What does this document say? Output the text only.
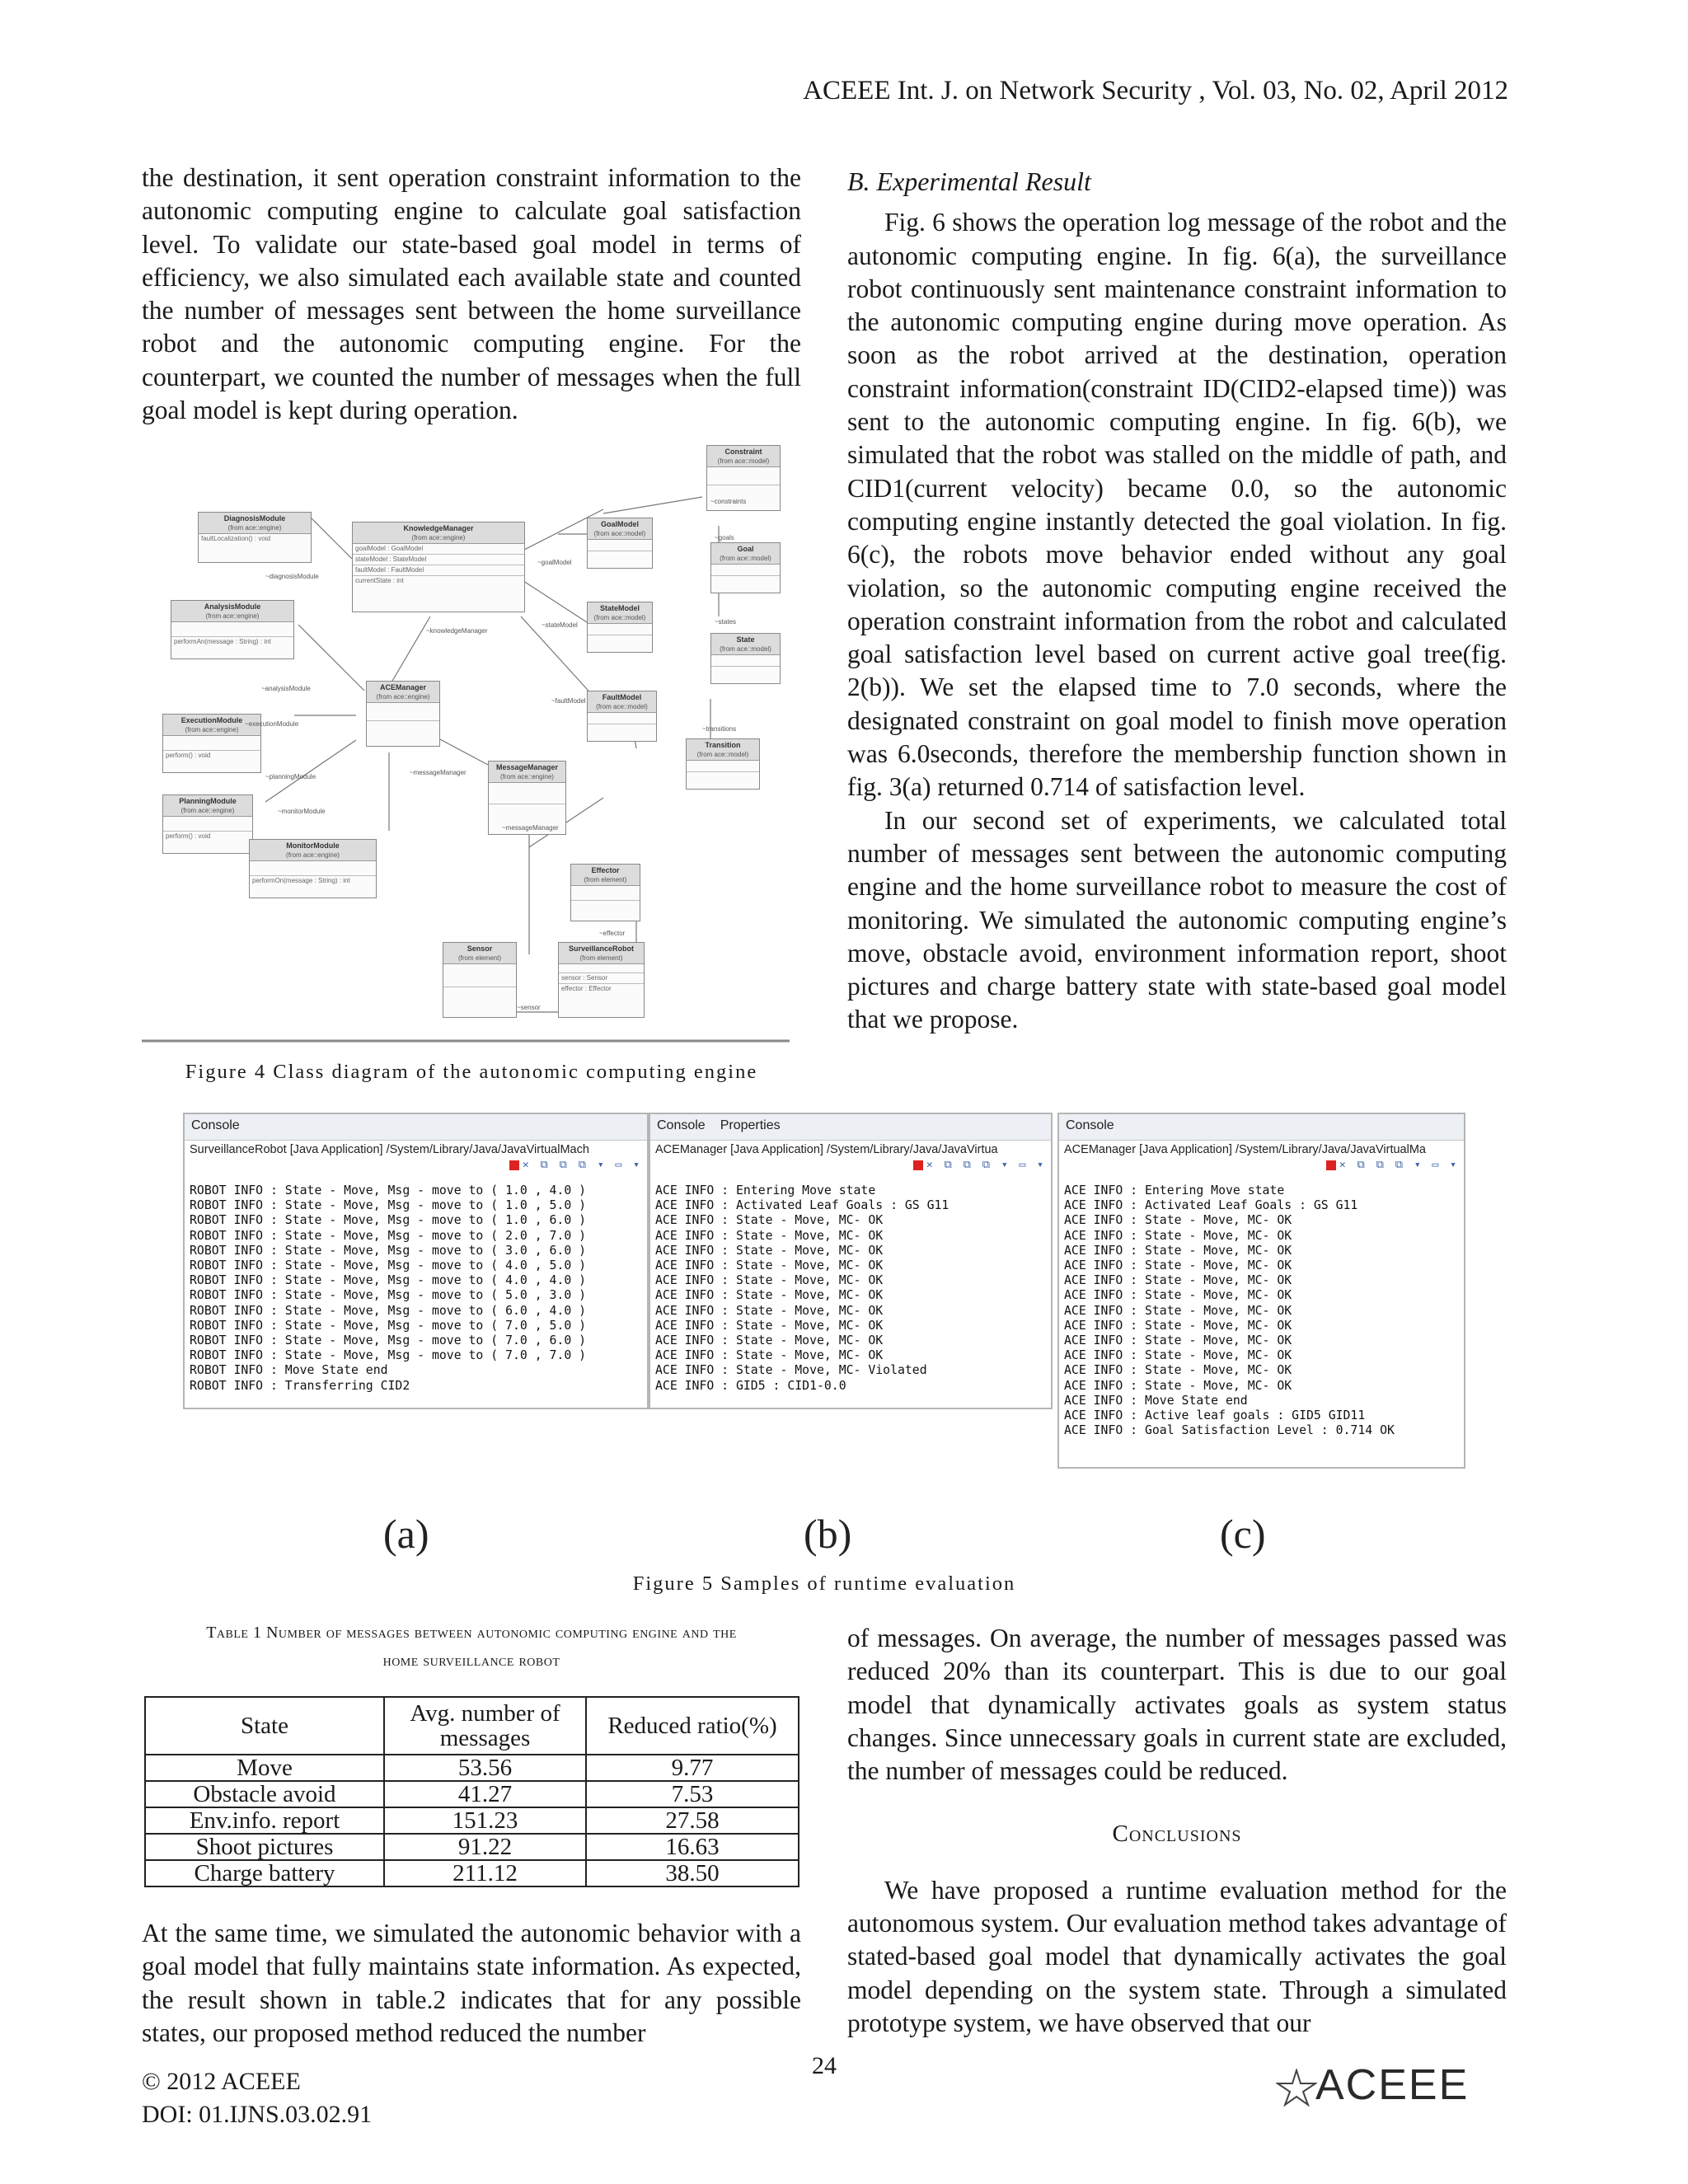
ACEEE Int. J. on Network Security , Vol. 03, No. 02, April 2012

the destination, it sent operation constraint information to the autonomic computing engine to calculate goal satisfaction level. To validate our state-based goal model in terms of efficiency, we also simulated each available state and counted the number of messages sent between the home surveillance robot and the autonomic computing engine. For the counterpart, we counted the number of messages when the full goal model is kept during operation.

DiagnosisModule
(from ace::engine)
faultLocalization() : void
KnowledgeManager
(from ace::engine)
goalModel : GoalModel
stateModel : StateModel
faultModel : FaultModel
currentState : int
AnalysisModule
(from ace::engine)
performAn(message : String) : int
ACEManager
(from ace::engine)
ExecutionModule
(from ace::engine)
perform() : void
PlanningModule
(from ace::engine)
perform() : void
MonitorModule
(from ace::engine)
performOn(message : String) : int
MessageManager
(from ace::engine)
Constraint
(from ace::model)
GoalModel
(from ace::model)
Goal
(from ace::model)
StateModel
(from ace::model)
State
(from ace::model)
FaultModel
(from ace::model)
Transition
(from ace::model)
Effector
(from element)
Sensor
(from element)
SurveillanceRobot
(from element)
sensor : Sensor
effector : Effector
~diagnosisModule
~goalModel
~stateModel
~faultModel
~knowledgeManager
~analysisModule
~executionModule
~planningModule
~monitorModule
~messageManager
~messageManager
~constraints
~goals
~states
~transitions
~effector
~sensor
Figure 4 Class diagram of the autonomic computing engine

B. Experimental Result

Fig. 6 shows the operation log message of the robot and the autonomic computing engine. In fig. 6(a), the surveillance robot continuously sent maintenance constraint information to the autonomic computing engine during move operation. As soon as the robot arrived at the destination, operation constraint information(constraint ID(CID2-elapsed time)) was sent to the autonomic computing engine. In fig. 6(b), we simulated that the robot was stalled on the middle of path, and CID1(current velocity) became 0.0, so the autonomic computing engine instantly detected the goal violation. In fig. 6(c), the robots move behavior ended without any goal violation, so the autonomic computing engine received the operation constraint information from the robot and calculated goal satisfaction level based on current active goal tree(fig. 2(b)). We set the elapsed time to 7.0 seconds, where the designated constraint on goal model to finish move operation was 6.0seconds, therefore the membership function shown in fig. 3(a) returned 0.714 of satisfaction level.

In our second set of experiments, we calculated total number of messages sent between the autonomic computing engine and the home surveillance robot to measure the cost of monitoring. We simulated the autonomic computing engine’s move, obstacle avoid, environment information report, shoot pictures and charge battery state with state-based goal model that we propose.

Console
SurveillanceRobot [Java Application] /System/Library/Java/JavaVirtualMach
✕ ⧉ ⧉ ⧉ ▾ ▭ ▾
ROBOT INFO : State - Move, Msg - move to ( 1.0 , 4.0 )
ROBOT INFO : State - Move, Msg - move to ( 1.0 , 5.0 )
ROBOT INFO : State - Move, Msg - move to ( 1.0 , 6.0 )
ROBOT INFO : State - Move, Msg - move to ( 2.0 , 7.0 )
ROBOT INFO : State - Move, Msg - move to ( 3.0 , 6.0 )
ROBOT INFO : State - Move, Msg - move to ( 4.0 , 5.0 )
ROBOT INFO : State - Move, Msg - move to ( 4.0 , 4.0 )
ROBOT INFO : State - Move, Msg - move to ( 5.0 , 3.0 )
ROBOT INFO : State - Move, Msg - move to ( 6.0 , 4.0 )
ROBOT INFO : State - Move, Msg - move to ( 7.0 , 5.0 )
ROBOT INFO : State - Move, Msg - move to ( 7.0 , 6.0 )
ROBOT INFO : State - Move, Msg - move to ( 7.0 , 7.0 )
ROBOT INFO : Move State end
ROBOT INFO : Transferring CID2
Console Properties
ACEManager [Java Application] /System/Library/Java/JavaVirtua
✕ ⧉ ⧉ ⧉ ▾ ▭ ▾
ACE INFO : Entering Move state
ACE INFO : Activated Leaf Goals : GS G11
ACE INFO : State - Move, MC- OK
ACE INFO : State - Move, MC- OK
ACE INFO : State - Move, MC- OK
ACE INFO : State - Move, MC- OK
ACE INFO : State - Move, MC- OK
ACE INFO : State - Move, MC- OK
ACE INFO : State - Move, MC- OK
ACE INFO : State - Move, MC- OK
ACE INFO : State - Move, MC- OK
ACE INFO : State - Move, MC- OK
ACE INFO : State - Move, MC- Violated
ACE INFO : GID5 : CID1-0.0
Console
ACEManager [Java Application] /System/Library/Java/JavaVirtualMa
✕ ⧉ ⧉ ⧉ ▾ ▭ ▾
ACE INFO : Entering Move state
ACE INFO : Activated Leaf Goals : GS G11
ACE INFO : State - Move, MC- OK
ACE INFO : State - Move, MC- OK
ACE INFO : State - Move, MC- OK
ACE INFO : State - Move, MC- OK
ACE INFO : State - Move, MC- OK
ACE INFO : State - Move, MC- OK
ACE INFO : State - Move, MC- OK
ACE INFO : State - Move, MC- OK
ACE INFO : State - Move, MC- OK
ACE INFO : State - Move, MC- OK
ACE INFO : State - Move, MC- OK
ACE INFO : State - Move, MC- OK
ACE INFO : Move State end
ACE INFO : Active leaf goals : GID5 GID11
ACE INFO : Goal Satisfaction Level : 0.714 OK
(a)	(b)	(c)
Figure 5 Samples of runtime evaluation
Table 1 Number of messages between autonomic computing engine and the
home surveillance robot
State	Avg. number of messages	Reduced ratio(%)
Move	53.56	9.77
Obstacle avoid	41.27	7.53
Env.info. report	151.23	27.58
Shoot pictures	91.22	16.63
Charge battery	211.12	38.50

At the same time, we simulated the autonomic behavior with a goal model that fully maintains state information. As expected, the result shown in table.2 indicates that for any possible states, our proposed method reduced the number

of messages. On average, the number of messages passed was reduced 20% than its counterpart. This is due to our goal model that dynamically activates goals as system status changes. Since unnecessary goals in current state are excluded, the number of messages could be reduced.

Conclusions

We have proposed a runtime evaluation method for the autonomous system. Our evaluation method takes advantage of stated-based goal model that dynamically activates the goal model depending on the system state. Through a simulated prototype system, we have observed that our

24
© 2012 ACEEE
DOI: 01.IJNS.03.02.91
ACEEE
